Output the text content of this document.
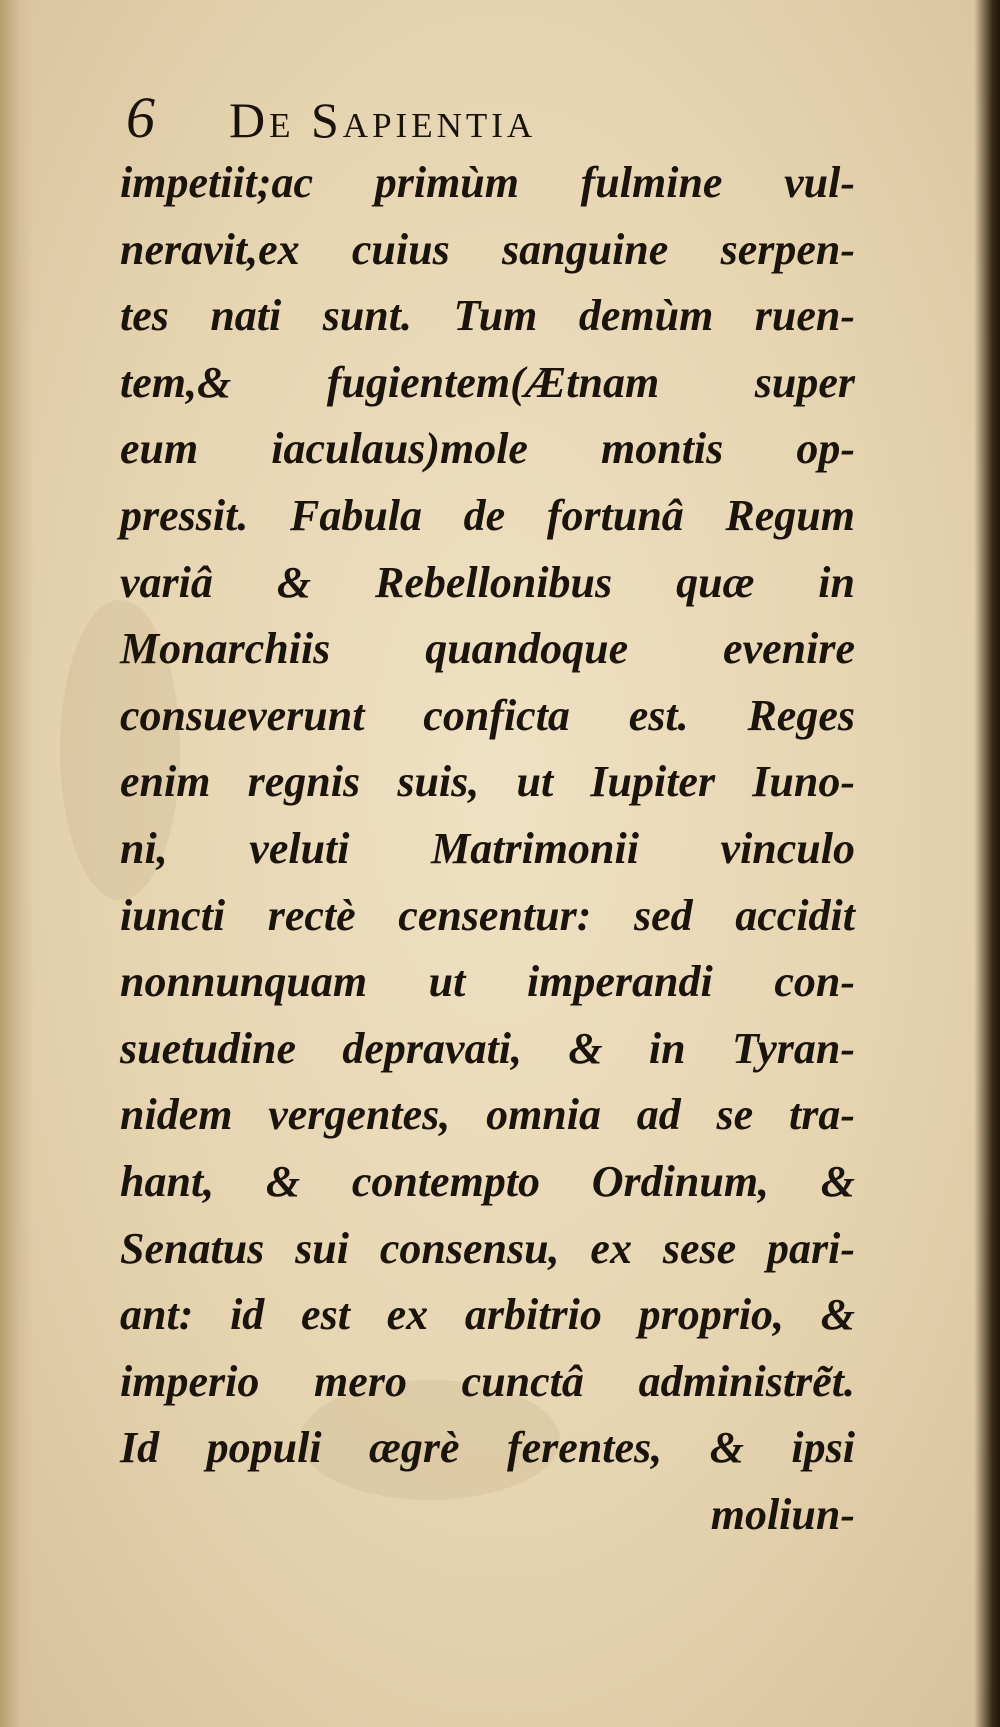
6 De Sapientia
impetiit;ac primùm fulmine vul-
neravit,ex cuius sanguine serpen-
tes nati sunt. Tum demùm ruen-
tem,& fugientem(Ætnam super
eum iaculaus)mole montis op-
pressit. Fabula de fortunâ Regum
variâ & Rebellonibus quæ in
Monarchiis quandoque evenire
consueverunt conficta est. Reges
enim regnis suis, ut Iupiter Iuno-
ni, veluti Matrimonii vinculo
iuncti rectè censentur: sed accidit
nonnunquam ut imperandi con-
suetudine depravati, & in Tyran-
nidem vergentes, omnia ad se tra-
hant, & contempto Ordinum, &
Senatus sui consensu, ex sese pari-
ant: id est ex arbitrio proprio, &
imperio mero cunctâ administrẽt.
Id populi ægrè ferentes, & ipsi
moliun-
